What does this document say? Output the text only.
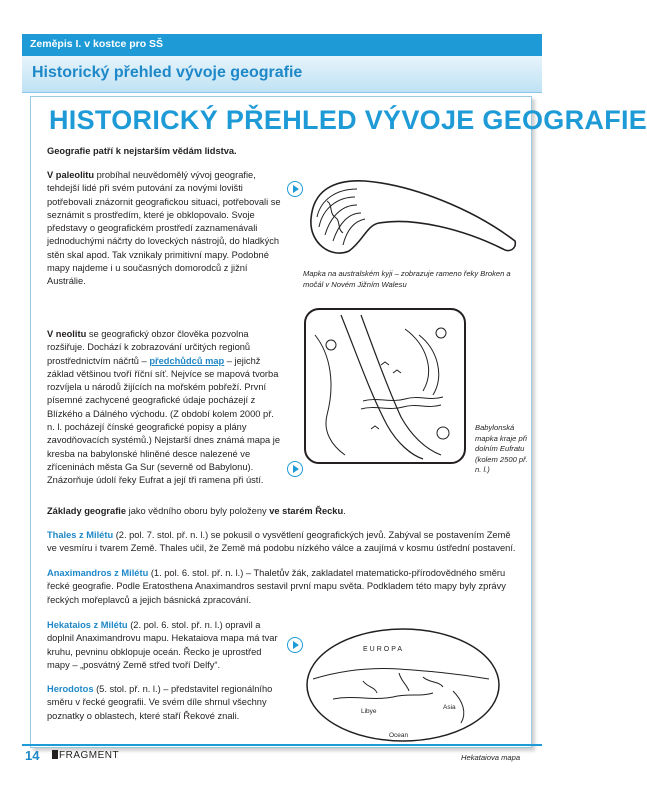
Zeměpis I. v kostce pro SŠ
Historický přehled vývoje geografie
HISTORICKÝ PŘEHLED VÝVOJE GEOGRAFIE

Geografie patří k nejstarším vědám lidstva.

V paleolitu probíhal neuvědomělý vývoj geografie, tehdejší lidé při svém putování za novými lovišti potřebovali znázornit geografickou situaci, potřebovali se seznámit s prostředím, které je obklopovalo. Svoje představy o geografickém prostředí zaznamenávali jednoduchými náčrty do loveckých nástrojů, do hladkých stěn skal apod. Tak vznikaly primitivní mapy. Podobné mapy najdeme i u současných domorodců z jižní Austrálie.

V neolitu se geografický obzor člověka pozvolna rozšiřuje. Dochází k zobrazování určitých regionů prostřednictvím náčrtů – předchůdců map – jejichž základ většinou tvoří říční síť. Nejvíce se mapová tvorba rozvíjela u národů žijících na mořském pobřeží. První písemné zachycené geografické údaje pocházejí z Blízkého a Dálného východu. (Z období kolem 2000 př. n. l. pocházejí čínské geografické popisy a plány zavodňovacích systémů.) Nejstarší dnes známá mapa je kresba na babylonské hliněné desce nalezené ve zříceninách města Ga Sur (severně od Babylonu). Znázorňuje údolí řeky Eufrat a její tři ramena při ústí.

Základy geografie jako vědního oboru byly položeny ve starém Řecku.

Thales z Milétu (2. pol. 7. stol. př. n. l.) se pokusil o vysvětlení geografických jevů. Zabýval se postavením Země ve vesmíru i tvarem Země. Thales učil, že Země má podobu nízkého válce a zaujímá v kosmu ústřední postavení.

Anaximandros z Milétu (1. pol. 6. stol. př. n. l.) – Thaletův žák, zakladatel matematicko-přírodovědného směru řecké geografie. Podle Eratosthena Anaximandros sestavil první mapu světa. Podkladem této mapy byly zprávy řeckých mořeplavců a jejich básnická zpracování.

Hekataios z Milétu (2. pol. 6. stol. př. n. l.) opravil a doplnil Anaximandrovu mapu. Hekataiova mapa má tvar kruhu, pevninu obklopuje oceán. Řecko je uprostřed mapy – „posvátný Země střed tvoří Delfy“.

Herodotos (5. stol. př. n. l.) – představitel regionálního směru v řecké geografii. Ve svém díle shrnul všechny poznatky o oblastech, které staří Řekové znali.

Mapka na australském kyji – zobrazuje rameno řeky Broken a močál v Novém Jižním Walesu

Babylonská mapka kraje při dolním Eufratu (kolem 2500 př. n. l.)

EUROPA
Libye
Asia
Ocean

Hekataiova mapa

14	FRAGMENT
